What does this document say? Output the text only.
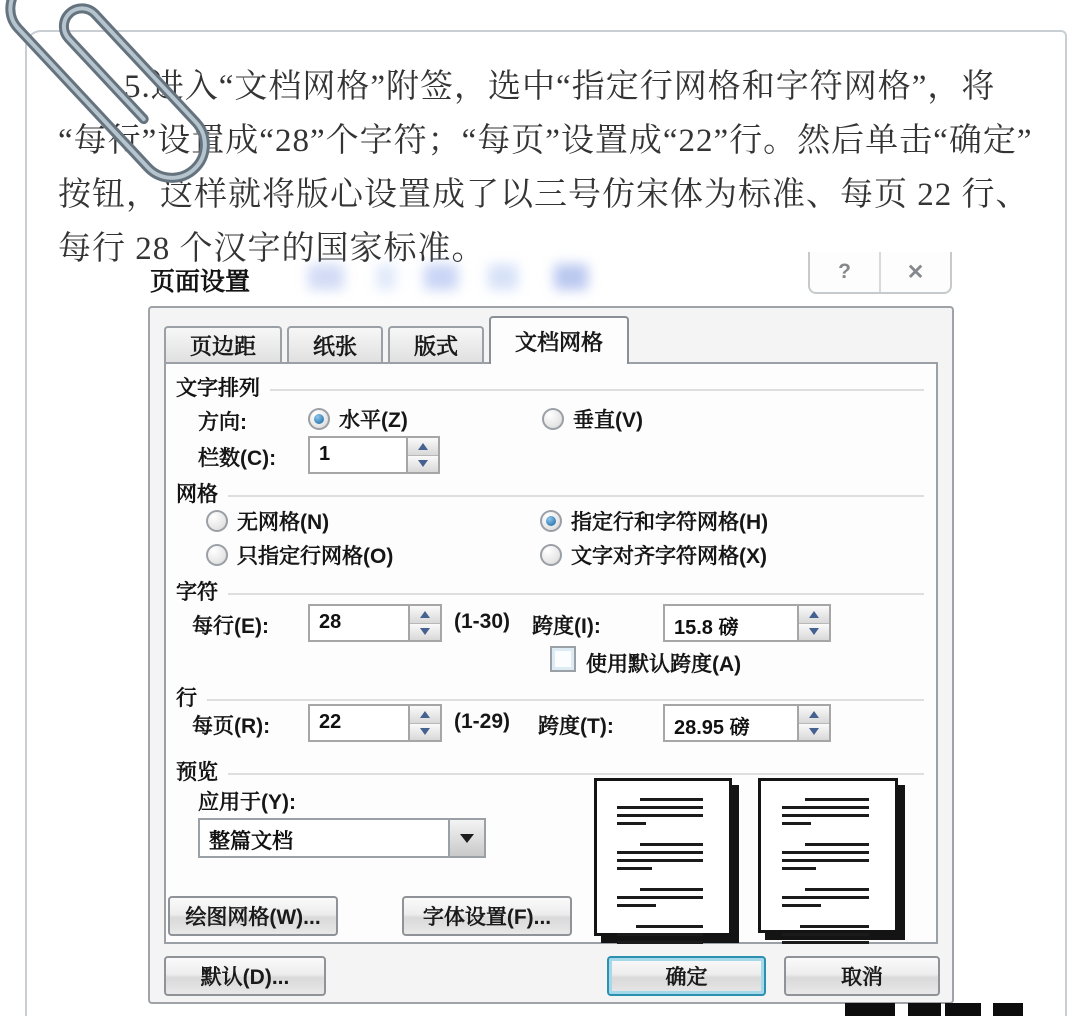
5.进入“文档网格”附签，选中“指定行网格和字符网格”，将
“每行”设置成“28”个字符；“每页”设置成“22”行。然后单击“确定”
按钮，这样就将版心设置成了以三号仿宋体为标准、每页 22 行、
每行 28 个汉字的国家标准。
页面设置	?	✕
页边距	纸张	版式	文档网格
文字排列
方向:	水平(Z)	垂直(V)
栏数(C):	1
网格
无网格(N)	指定行和字符网格(H)
只指定行网格(O)	文字对齐字符网格(X)
字符
每行(E):	28	(1-30) 跨度(I):	15.8 磅
使用默认跨度(A)
行
每页(R):	22	(1-29) 跨度(T):	28.95 磅
预览
应用于(Y):
整篇文档
绘图网格(W)...	字体设置(F)...
默认(D)...	确定	取消
